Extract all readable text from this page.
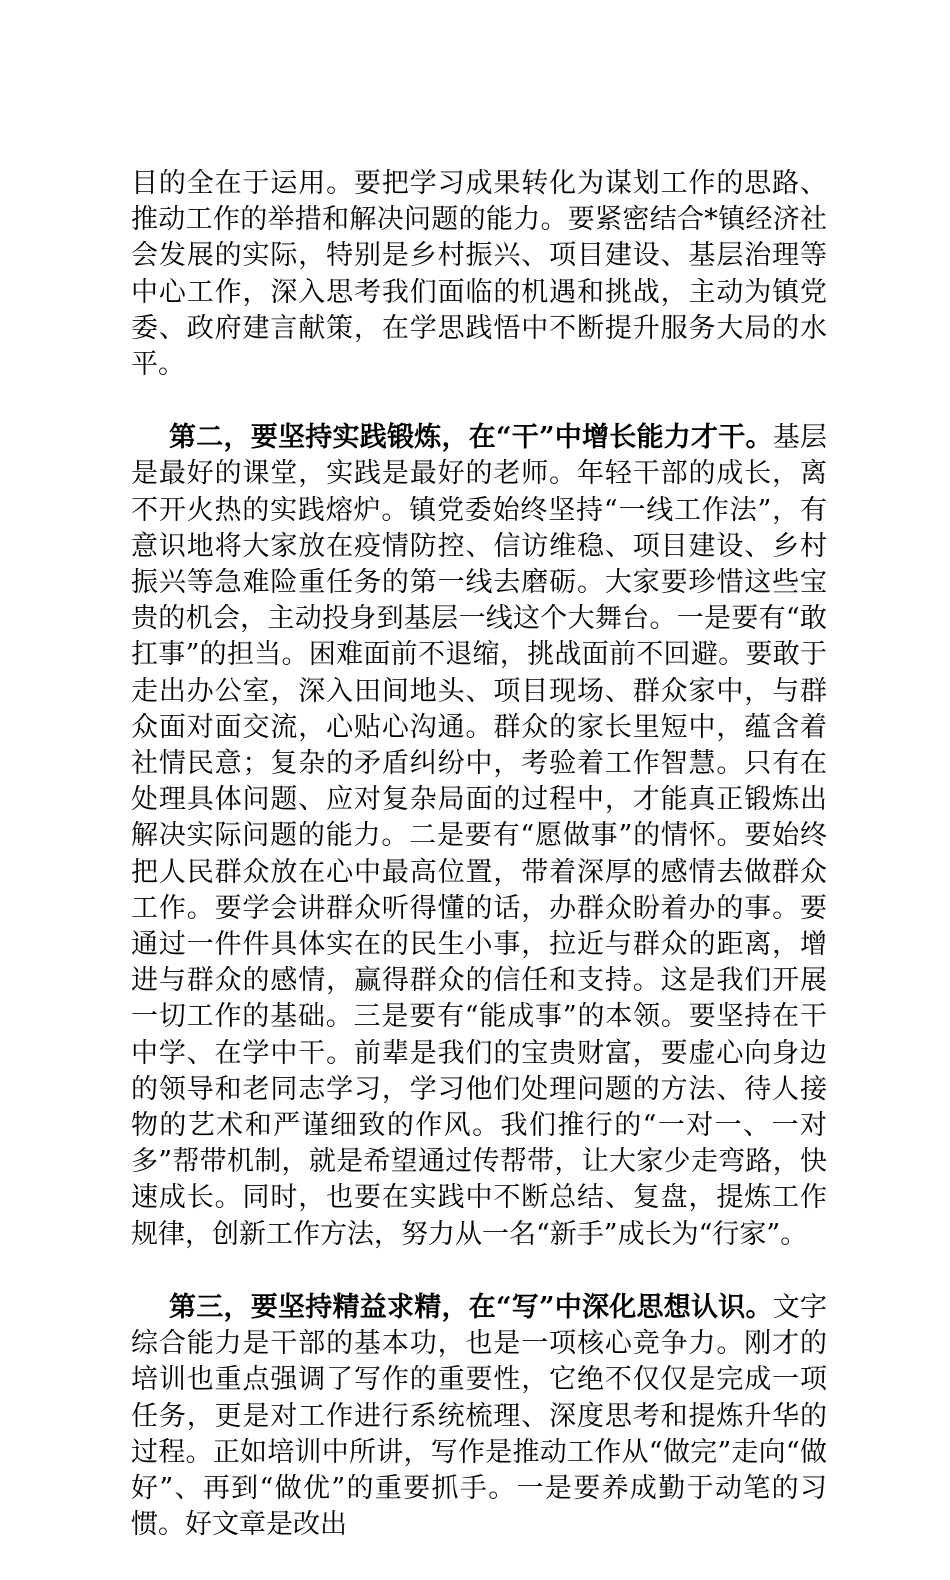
目的全在于运用。要把学习成果转化为谋划工作的思路、推动工作的举措和解决问题的能力。要紧密结合*镇经济社会发展的实际，特别是乡村振兴、项目建设、基层治理等中心工作，深入思考我们面临的机遇和挑战，主动为镇党委、政府建言献策，在学思践悟中不断提升服务大局的水平。

第二，要坚持实践锻炼，在“干”中增长能力才干。基层是最好的课堂，实践是最好的老师。年轻干部的成长，离不开火热的实践熔炉。镇党委始终坚持“一线工作法”，有意识地将大家放在疫情防控、信访维稳、项目建设、乡村振兴等急难险重任务的第一线去磨砺。大家要珍惜这些宝贵的机会，主动投身到基层一线这个大舞台。一是要有“敢扛事”的担当。困难面前不退缩，挑战面前不回避。要敢于走出办公室，深入田间地头、项目现场、群众家中，与群众面对面交流，心贴心沟通。群众的家长里短中，蕴含着社情民意；复杂的矛盾纠纷中，考验着工作智慧。只有在处理具体问题、应对复杂局面的过程中，才能真正锻炼出解决实际问题的能力。二是要有“愿做事”的情怀。要始终把人民群众放在心中最高位置，带着深厚的感情去做群众工作。要学会讲群众听得懂的话，办群众盼着办的事。要通过一件件具体实在的民生小事，拉近与群众的距离，增进与群众的感情，赢得群众的信任和支持。这是我们开展一切工作的基础。三是要有“能成事”的本领。要坚持在干中学、在学中干。前辈是我们的宝贵财富，要虚心向身边的领导和老同志学习，学习他们处理问题的方法、待人接物的艺术和严谨细致的作风。我们推行的“一对一、一对多”帮带机制，就是希望通过传帮带，让大家少走弯路，快速成长。同时，也要在实践中不断总结、复盘，提炼工作规律，创新工作方法，努力从一名“新手”成长为“行家”。

第三，要坚持精益求精，在“写”中深化思想认识。文字综合能力是干部的基本功，也是一项核心竞争力。刚才的培训也重点强调了写作的重要性，它绝不仅仅是完成一项任务，更是对工作进行系统梳理、深度思考和提炼升华的过程。正如培训中所讲，写作是推动工作从“做完”走向“做好”、再到“做优”的重要抓手。一是要养成勤于动笔的习惯。好文章是改出
